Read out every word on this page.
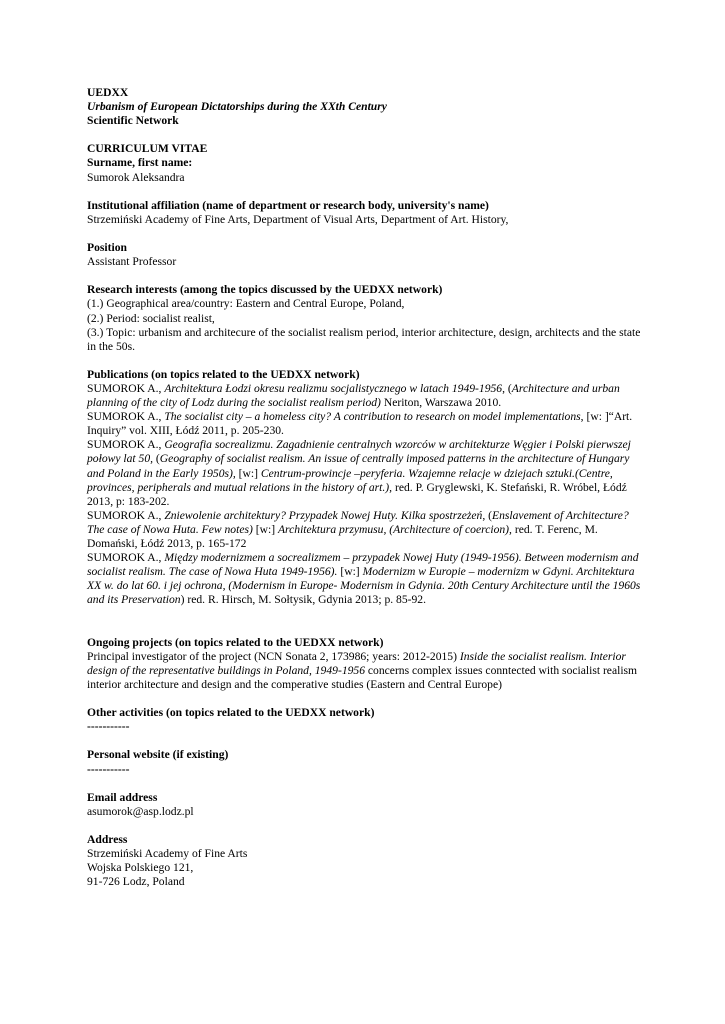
UEDXX

Urbanism of European Dictatorships during the XXth Century

Scientific Network

CURRICULUM VITAE

Surname, first name:

Sumorok Aleksandra

Institutional affiliation (name of department or research body, university's name)

Strzemiński Academy of Fine Arts, Department of Visual Arts, Department of Art. History,

Position

Assistant Professor

Research interests (among the topics discussed by the UEDXX network)

(1.) Geographical area/country: Eastern and Central Europe, Poland,

(2.) Period: socialist realist,

(3.) Topic: urbanism and architecure of the socialist realism period, interior architecture, design, architects and the state in the 50s.

Publications (on topics related to the UEDXX network)

SUMOROK A., Architektura Łodzi okresu realizmu socjalistycznego w latach 1949-1956, (Architecture and urban planning of the city of Lodz during the socialist realism period) Neriton, Warszawa 2010.

SUMOROK A., The socialist city – a homeless city? A contribution to research on model implementations, [w: ]“Art. Inquiry” vol. XIII, Łódź 2011, p. 205-230.

SUMOROK A., Geografia socrealizmu. Zagadnienie centralnych wzorców w architekturze Węgier i Polski pierwszej połowy lat 50, (Geography of socialist realism. An issue of centrally imposed patterns in the architecture of Hungary and Poland in the Early 1950s), [w:] Centrum-prowincje –peryferia. Wzajemne relacje w dziejach sztuki.(Centre, provinces, peripherals and mutual relations in the history of art.), red. P. Gryglewski, K. Stefański, R. Wróbel, Łódź 2013, p: 183-202.

SUMOROK A., Zniewolenie architektury? Przypadek Nowej Huty. Kilka spostrzeżeń, (Enslavement of Architecture? The case of Nowa Huta. Few notes) [w:] Architektura przymusu, (Architecture of coercion), red. T. Ferenc, M. Domański, Łódź 2013, p. 165-172

SUMOROK A., Między modernizmem a socrealizmem – przypadek Nowej Huty (1949-1956). Between modernism and socialist realism. The case of Nowa Huta 1949-1956). [w:] Modernizm w Europie – modernizm w Gdyni. Architektura XX w. do lat 60. i jej ochrona, (Modernism in Europe- Modernism in Gdynia. 20th Century Architecture until the 1960s and its Preservation) red. R. Hirsch, M. Sołtysik, Gdynia 2013; p. 85-92.

Ongoing projects (on topics related to the UEDXX network)

Principal investigator of the project (NCN Sonata 2, 173986; years: 2012-2015) Inside the socialist realism. Interior design of the representative buildings in Poland, 1949-1956 concerns complex issues conntected with socialist realism interior architecture and design and the comperative studies (Eastern and Central Europe)

Other activities (on topics related to the UEDXX network)

-----------

Personal website (if existing)

-----------

Email address

asumorok@asp.lodz.pl

Address

Strzemiński Academy of Fine Arts

Wojska Polskiego 121,

91-726 Lodz, Poland
